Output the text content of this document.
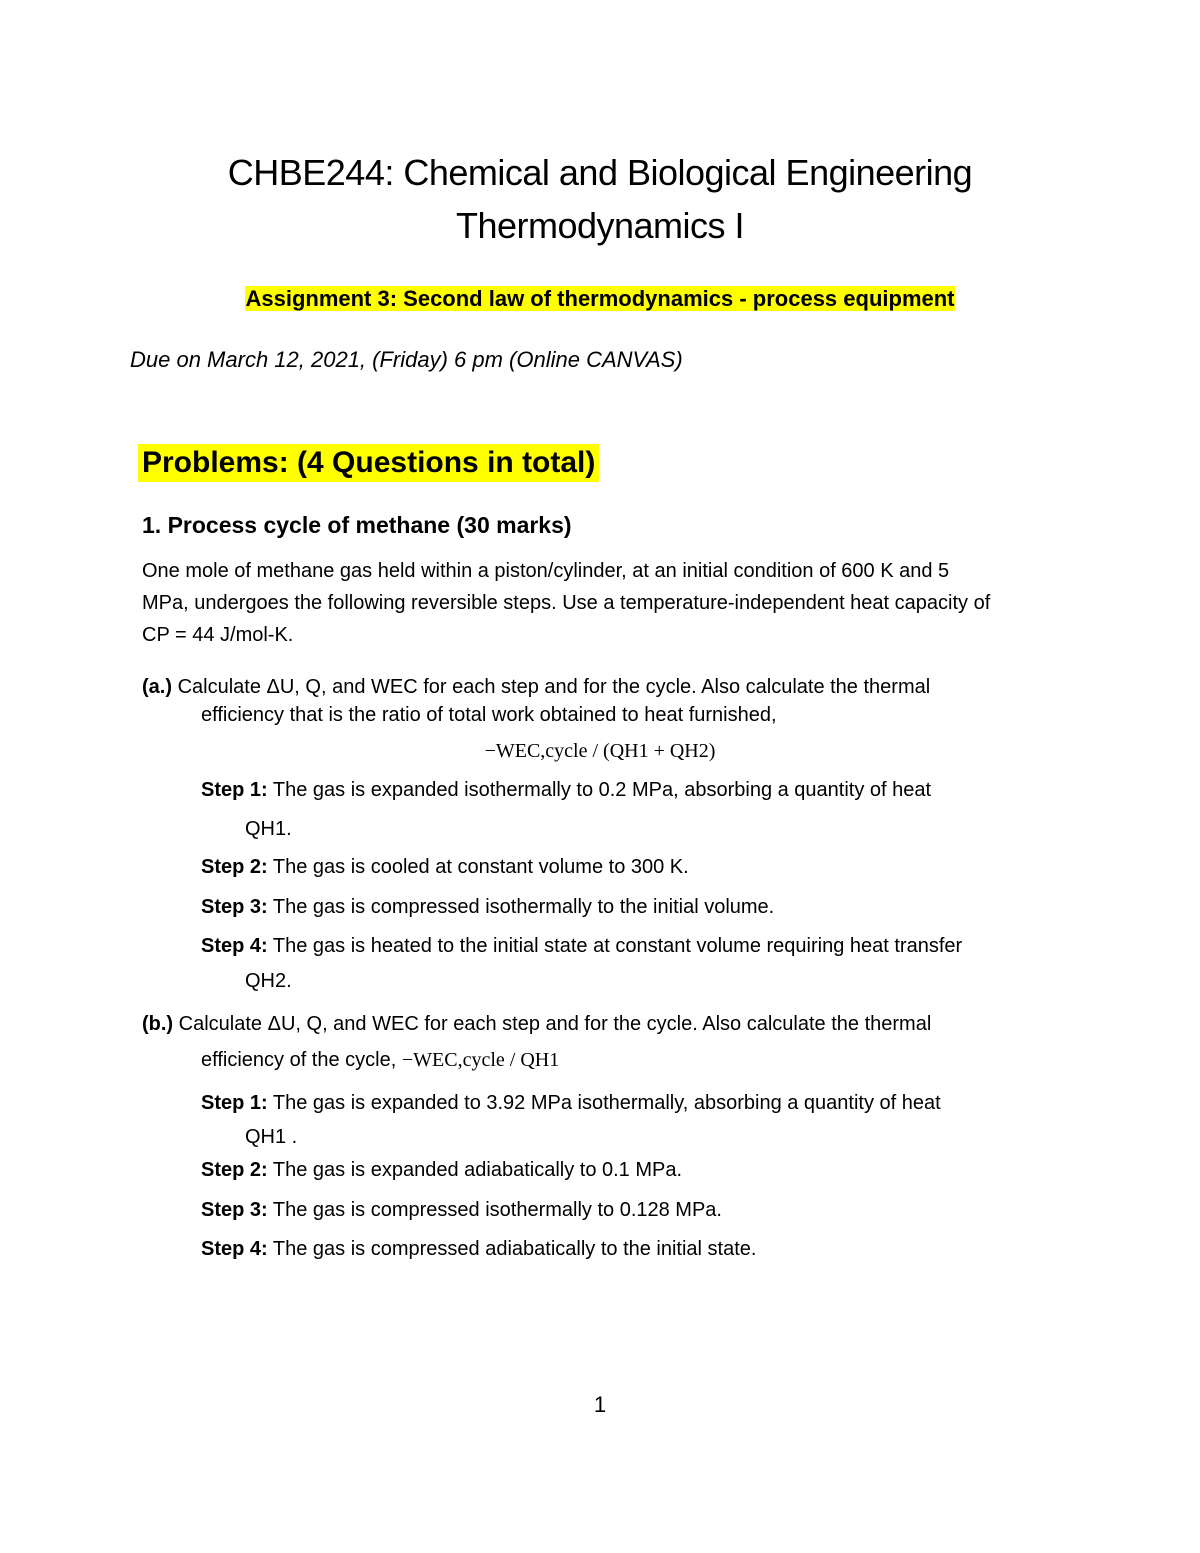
CHBE244: Chemical and Biological Engineering
Thermodynamics I
Assignment 3: Second law of thermodynamics - process equipment
Due on March 12, 2021, (Friday) 6 pm (Online CANVAS)
Problems: (4 Questions in total)
1. Process cycle of methane (30 marks)
One mole of methane gas held within a piston/cylinder, at an initial condition of 600 K and 5
MPa, undergoes the following reversible steps. Use a temperature-independent heat capacity of
CP = 44 J/mol-K.
(a.) Calculate ΔU, Q, and WEC for each step and for the cycle. Also calculate the thermal
efficiency that is the ratio of total work obtained to heat furnished,
−WEC,cycle / (QH1 + QH2)
Step 1: The gas is expanded isothermally to 0.2 MPa, absorbing a quantity of heat
QH1.
Step 2: The gas is cooled at constant volume to 300 K.
Step 3: The gas is compressed isothermally to the initial volume.
Step 4: The gas is heated to the initial state at constant volume requiring heat transfer
QH2.
(b.) Calculate ΔU, Q, and WEC for each step and for the cycle. Also calculate the thermal
efficiency of the cycle, −WEC,cycle / QH1
Step 1: The gas is expanded to 3.92 MPa isothermally, absorbing a quantity of heat
QH1 .
Step 2: The gas is expanded adiabatically to 0.1 MPa.
Step 3: The gas is compressed isothermally to 0.128 MPa.
Step 4: The gas is compressed adiabatically to the initial state.
1
